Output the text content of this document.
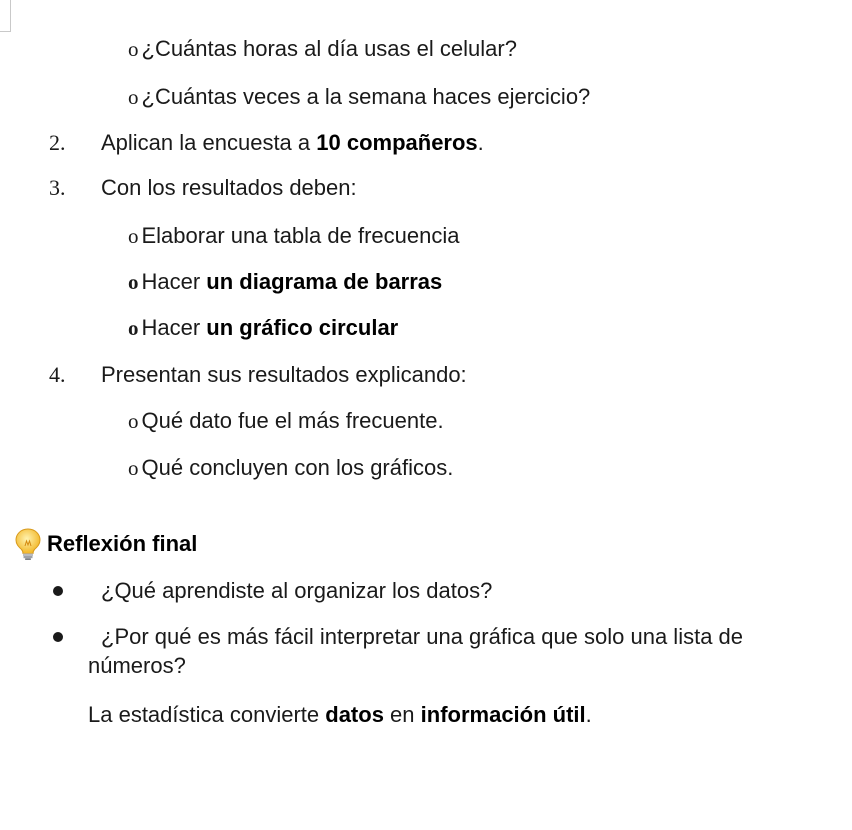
o ¿Cuántas horas al día usas el celular?
o ¿Cuántas veces a la semana haces ejercicio?
2. Aplican la encuesta a 10 compañeros.
3. Con los resultados deben:
o Elaborar una tabla de frecuencia
o Hacer un diagrama de barras
o Hacer un gráfico circular
4. Presentan sus resultados explicando:
o Qué dato fue el más frecuente.
o Qué concluyen con los gráficos.
Reflexión final
¿Qué aprendiste al organizar los datos?
¿Por qué es más fácil interpretar una gráfica que solo una lista de
números?
La estadística convierte datos en información útil.
